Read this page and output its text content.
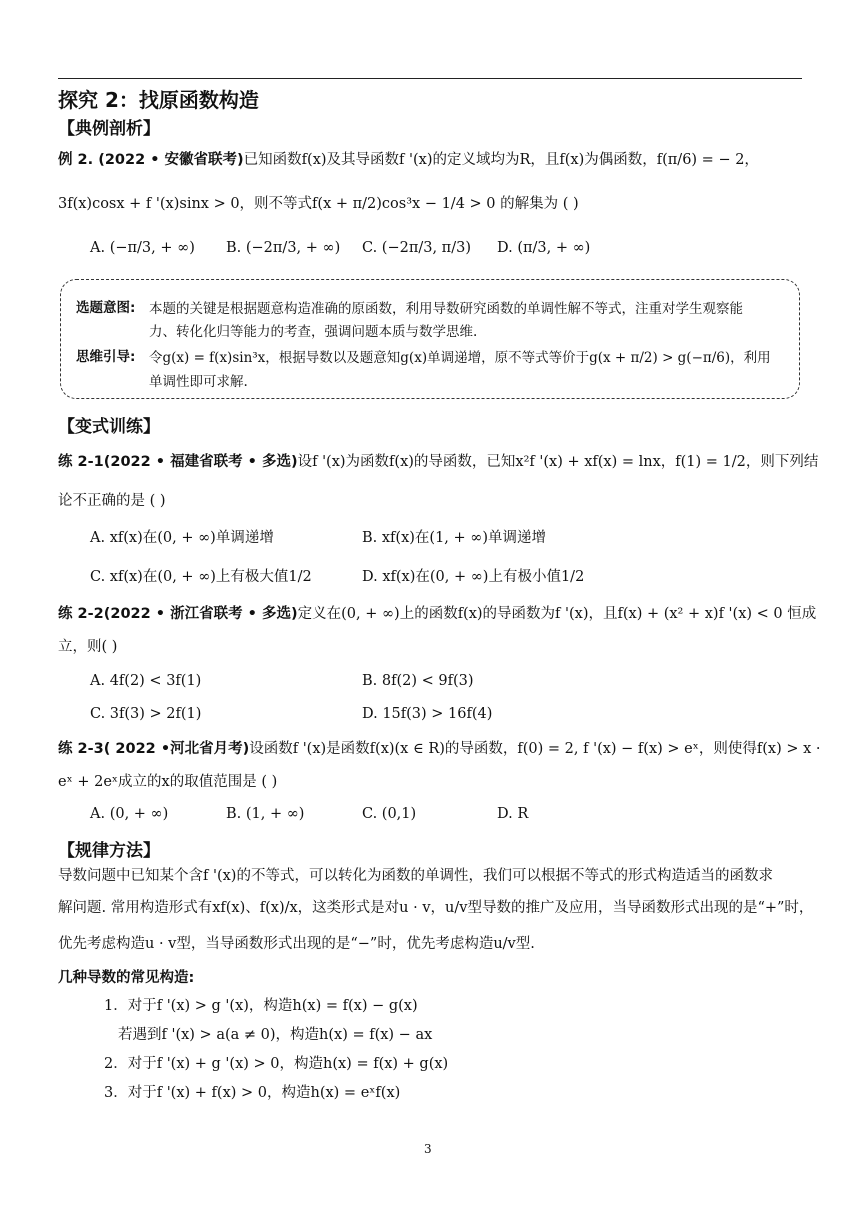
探究 2：找原函数构造
【典例剖析】
例 2. (2022 • 安徽省联考)已知函数f(x)及其导函数f '(x)的定义域均为R，且f(x)为偶函数，f(π/6) = − 2，
3f(x)cosx + f '(x)sinx > 0，则不等式f(x + π/2)cos³x − 1/4 > 0 的解集为 ( )
A. (−π/3, + ∞) B. (−2π/3, + ∞) C. (−2π/3, π/3) D. (π/3, + ∞)
选题意图: 本题的关键是根据题意构造准确的原函数，利用导数研究函数的单调性解不等式，注重对学生观察能
力、转化化归等能力的考查，强调问题本质与数学思维.
思维引导: 令g(x) = f(x)sin³x，根据导数以及题意知g(x)单调递增，原不等式等价于g(x + π/2) > g(−π/6)，利用
单调性即可求解.
【变式训练】
练 2-1(2022 • 福建省联考 • 多选)设f '(x)为函数f(x)的导函数，已知x²f '(x) + xf(x) = lnx，f(1) = 1/2，则下列结
论不正确的是 ( )
A. xf(x)在(0, + ∞)单调递增	B. xf(x)在(1, + ∞)单调递增
C. xf(x)在(0, + ∞)上有极大值1/2	D. xf(x)在(0, + ∞)上有极小值1/2
练 2-2(2022 • 浙江省联考 • 多选)定义在(0, + ∞)上的函数f(x)的导函数为f '(x)，且f(x) + (x² + x)f '(x) < 0 恒成
立，则( )
A. 4f(2) < 3f(1)	B. 8f(2) < 9f(3)
C. 3f(3) > 2f(1)	D. 15f(3) > 16f(4)
练 2-3( 2022 •河北省月考)设函数f '(x)是函数f(x)(x ∈ R)的导函数，f(0) = 2, f '(x) − f(x) > eˣ，则使得f(x) > x ·
eˣ + 2eˣ成立的x的取值范围是 ( )
A. (0, + ∞)	B. (1, + ∞)	C. (0,1)	D. R
【规律方法】
导数问题中已知某个含f '(x)的不等式，可以转化为函数的单调性，我们可以根据不等式的形式构造适当的函数求
解问题. 常用构造形式有xf(x)、f(x)/x，这类形式是对u · v，u/v型导数的推广及应用，当导函数形式出现的是“+”时，
优先考虑构造u · v型，当导函数形式出现的是“−”时，优先考虑构造u/v型.
几种导数的常见构造:
1．对于f '(x) > g '(x)，构造h(x) = f(x) − g(x)
若遇到f '(x) > a(a ≠ 0)，构造h(x) = f(x) − ax
2．对于f '(x) + g '(x) > 0，构造h(x) = f(x) + g(x)
3．对于f '(x) + f(x) > 0，构造h(x) = eˣf(x)
3
